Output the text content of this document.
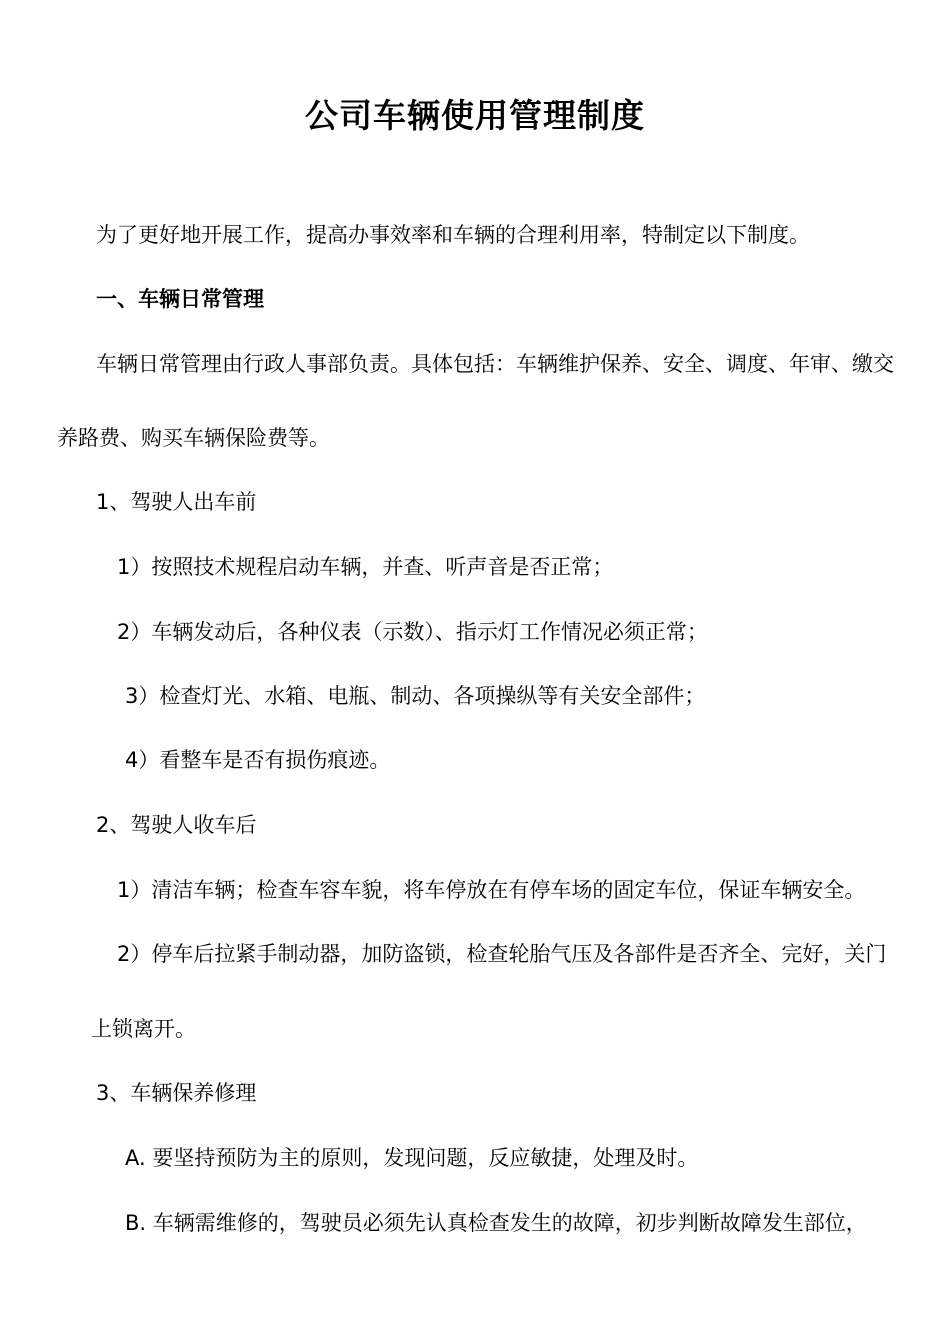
公司车辆使用管理制度

为了更好地开展工作，提高办事效率和车辆的合理利用率，特制定以下制度。

一、车辆日常管理

车辆日常管理由行政人事部负责。具体包括：车辆维护保养、安全、调度、年审、缴交

养路费、购买车辆保险费等。

1、驾驶人出车前

1）按照技术规程启动车辆，并查、听声音是否正常；

2）车辆发动后，各种仪表（示数）、指示灯工作情况必须正常；

3）检查灯光、水箱、电瓶、制动、各项操纵等有关安全部件；

4）看整车是否有损伤痕迹。

2、驾驶人收车后

1）清洁车辆；检查车容车貌，将车停放在有停车场的固定车位，保证车辆安全。

2）停车后拉紧手制动器，加防盗锁，检查轮胎气压及各部件是否齐全、完好，关门

上锁离开。

3、车辆保养修理

A. 要坚持预防为主的原则，发现问题，反应敏捷，处理及时。

B. 车辆需维修的，驾驶员必须先认真检查发生的故障，初步判断故障发生部位，
